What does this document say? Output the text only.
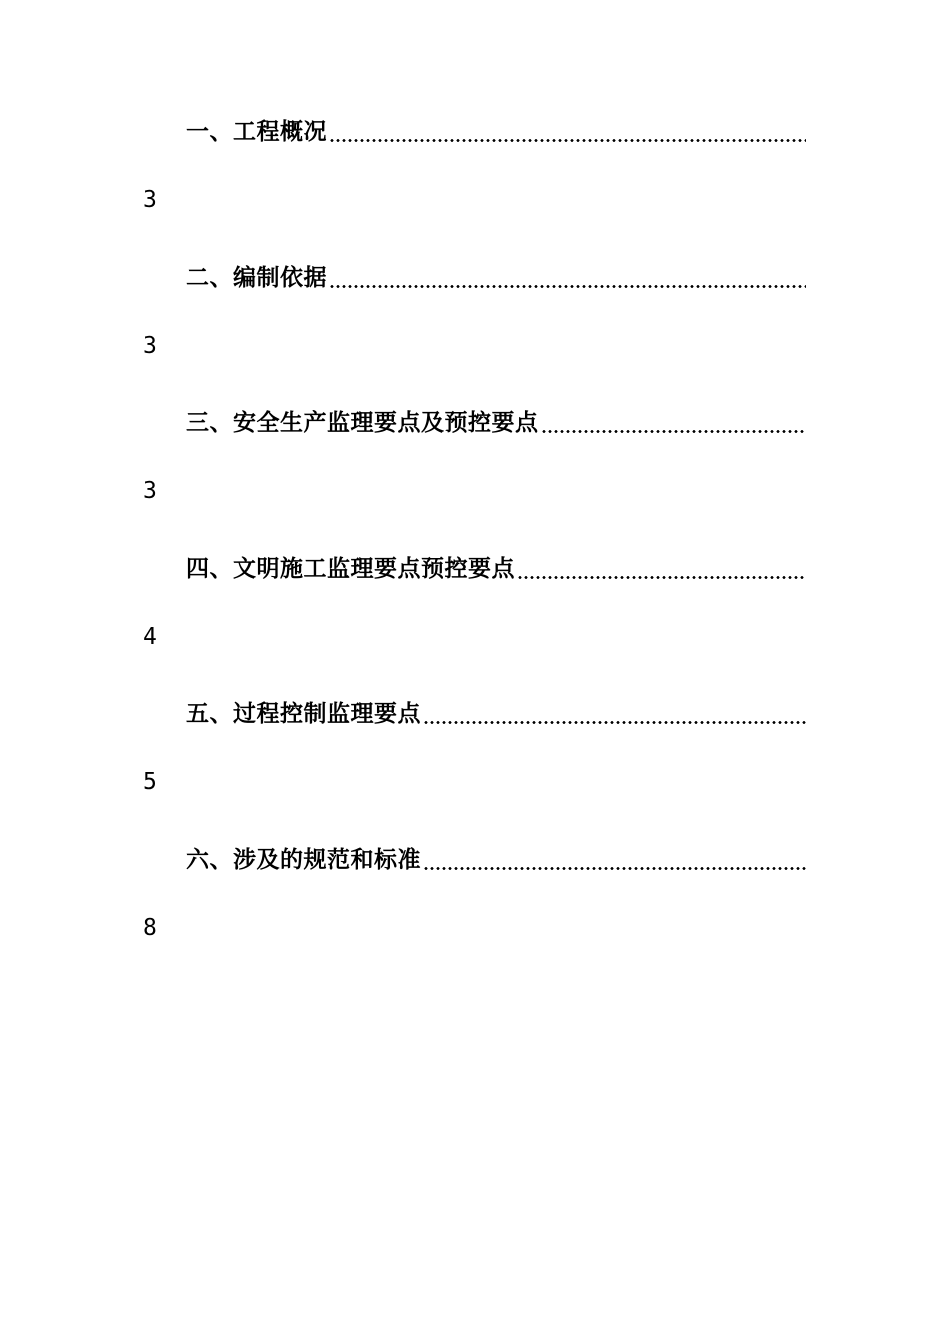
一、工程概况
3
二、编制依据
3
三、安全生产监理要点及预控要点
3
四、文明施工监理要点预控要点
4
五、过程控制监理要点
5
六、涉及的规范和标准
8
